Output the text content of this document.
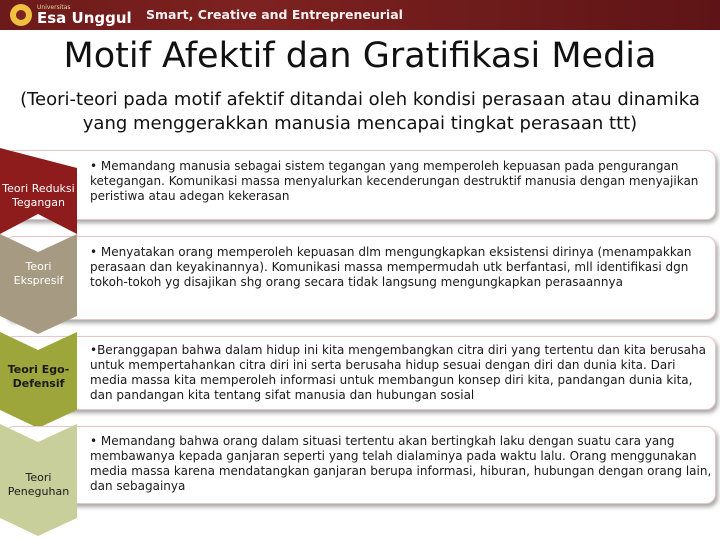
Universitas
Esa Unggul Smart, Creative and Entrepreneurial
Motif Afektif dan Gratifikasi Media
(Teori-teori pada motif afektif ditandai oleh kondisi perasaan atau dinamika yang menggerakkan manusia mencapai tingkat perasaan ttt)
• Memandang manusia sebagai sistem tegangan yang memperoleh kepuasan pada pengurangan ketegangan. Komunikasi massa menyalurkan kecenderungan destruktif manusia dengan menyajikan peristiwa atau adegan kekerasan
Teori Reduksi Tegangan
• Menyatakan orang memperoleh kepuasan dlm mengungkapkan eksistensi dirinya (menampakkan perasaan dan keyakinannya). Komunikasi massa mempermudah utk berfantasi, mll identifikasi dgn tokoh-tokoh yg disajikan shg orang secara tidak langsung mengungkapkan perasaannya
Teori Ekspresif
•Beranggapan bahwa dalam hidup ini kita mengembangkan citra diri yang tertentu dan kita berusaha untuk mempertahankan citra diri ini serta berusaha hidup sesuai dengan diri dan dunia kita. Dari media massa kita memperoleh informasi untuk membangun konsep diri kita, pandangan dunia kita, dan pandangan kita tentang sifat manusia dan hubungan sosial
Teori Ego-Defensif
• Memandang bahwa orang dalam situasi tertentu akan bertingkah laku dengan suatu cara yang membawanya kepada ganjaran seperti yang telah dialaminya pada waktu lalu. Orang menggunakan media massa karena mendatangkan ganjaran berupa informasi, hiburan, hubungan dengan orang lain, dan sebagainya
Teori Peneguhan
